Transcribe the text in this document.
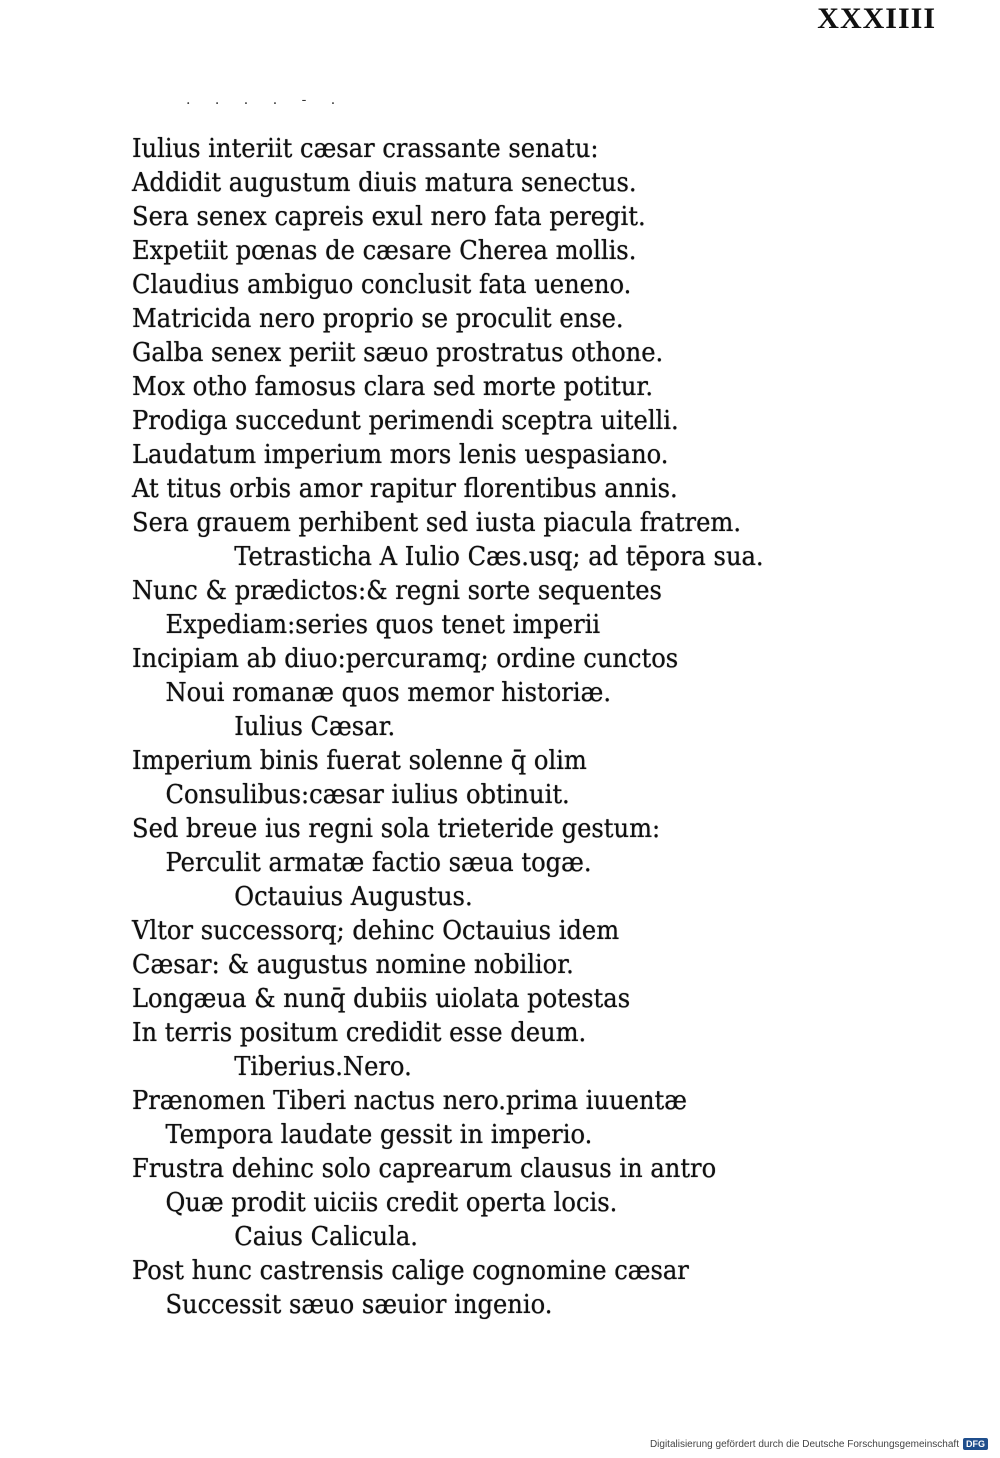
XXXIIII
. . . . - .
Iulius interiit cæsar crassante senatu:
Addidit augustum diuis matura senectus.
Sera senex capreis exul nero fata peregit.
Expetiit pœnas de cæsare Cherea mollis.
Claudius ambiguo conclusit fata ueneno.
Matricida nero proprio se proculit ense.
Galba senex periit sæuo prostratus othone.
Mox otho famosus clara sed morte potitur.
Prodiga succedunt perimendi sceptra uitelli.
Laudatum imperium mors lenis uespasiano.
At titus orbis amor rapitur florentibus annis.
Sera grauem perhibent sed iusta piacula fratrem.
Tetrasticha A Iulio Cæs.usq; ad tēpora sua.
Nunc & prædictos:& regni sorte sequentes
Expediam:series quos tenet imperii
Incipiam ab diuo:percuramq; ordine cunctos
Noui romanæ quos memor historiæ.
Iulius Cæsar.
Imperium binis fuerat solenne q̄ olim
Consulibus:cæsar iulius obtinuit.
Sed breue ius regni sola trieteride gestum:
Perculit armatæ factio sæua togæ.
Octauius Augustus.
Vltor successorq; dehinc Octauius idem
Cæsar: & augustus nomine nobilior.
Longæua & nunq̄ dubiis uiolata potestas
In terris positum credidit esse deum.
Tiberius.Nero.
Prænomen Tiberi nactus nero.prima iuuentæ
Tempora laudate gessit in imperio.
Frustra dehinc solo caprearum clausus in antro
Quæ prodit uiciis credit operta locis.
Caius Calicula.
Post hunc castrensis calige cognomine cæsar
Successit sæuo sæuior ingenio.
Digitalisierung gefördert durch die Deutsche Forschungsgemeinschaft DFG
